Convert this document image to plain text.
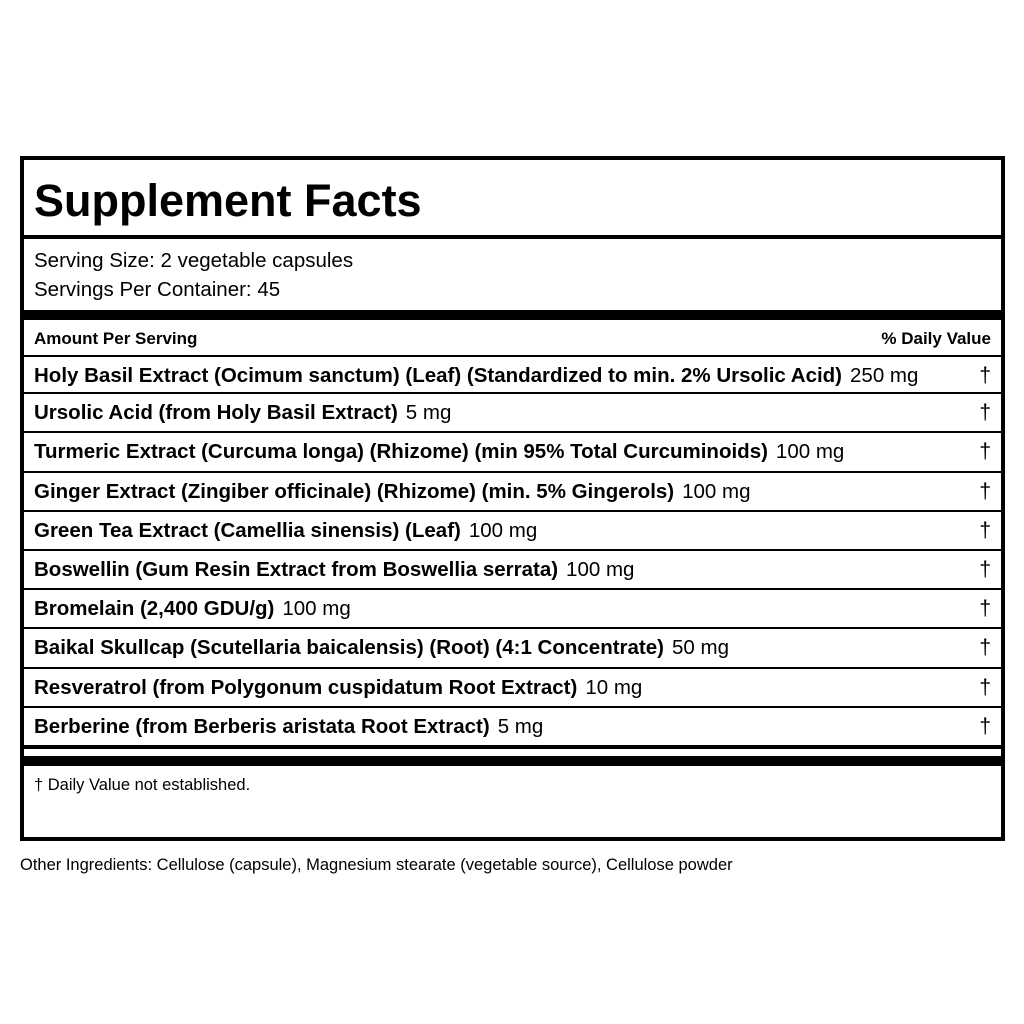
Supplement Facts
Serving Size: 2 vegetable capsules
Servings Per Container: 45
Amount Per Serving	% Daily Value
Holy Basil Extract (Ocimum sanctum) (Leaf) (Standardized to min. 2% Ursolic Acid) 250 mg	†
Ursolic Acid (from Holy Basil Extract) 5 mg	†
Turmeric Extract (Curcuma longa) (Rhizome) (min 95% Total Curcuminoids) 100 mg	†
Ginger Extract (Zingiber officinale) (Rhizome) (min. 5% Gingerols) 100 mg	†
Green Tea Extract (Camellia sinensis) (Leaf) 100 mg	†
Boswellin (Gum Resin Extract from Boswellia serrata) 100 mg	†
Bromelain (2,400 GDU/g) 100 mg	†
Baikal Skullcap (Scutellaria baicalensis) (Root) (4:1 Concentrate) 50 mg	†
Resveratrol (from Polygonum cuspidatum Root Extract) 10 mg	†
Berberine (from Berberis aristata Root Extract) 5 mg	†
† Daily Value not established.
Other Ingredients: Cellulose (capsule), Magnesium stearate (vegetable source), Cellulose powder
